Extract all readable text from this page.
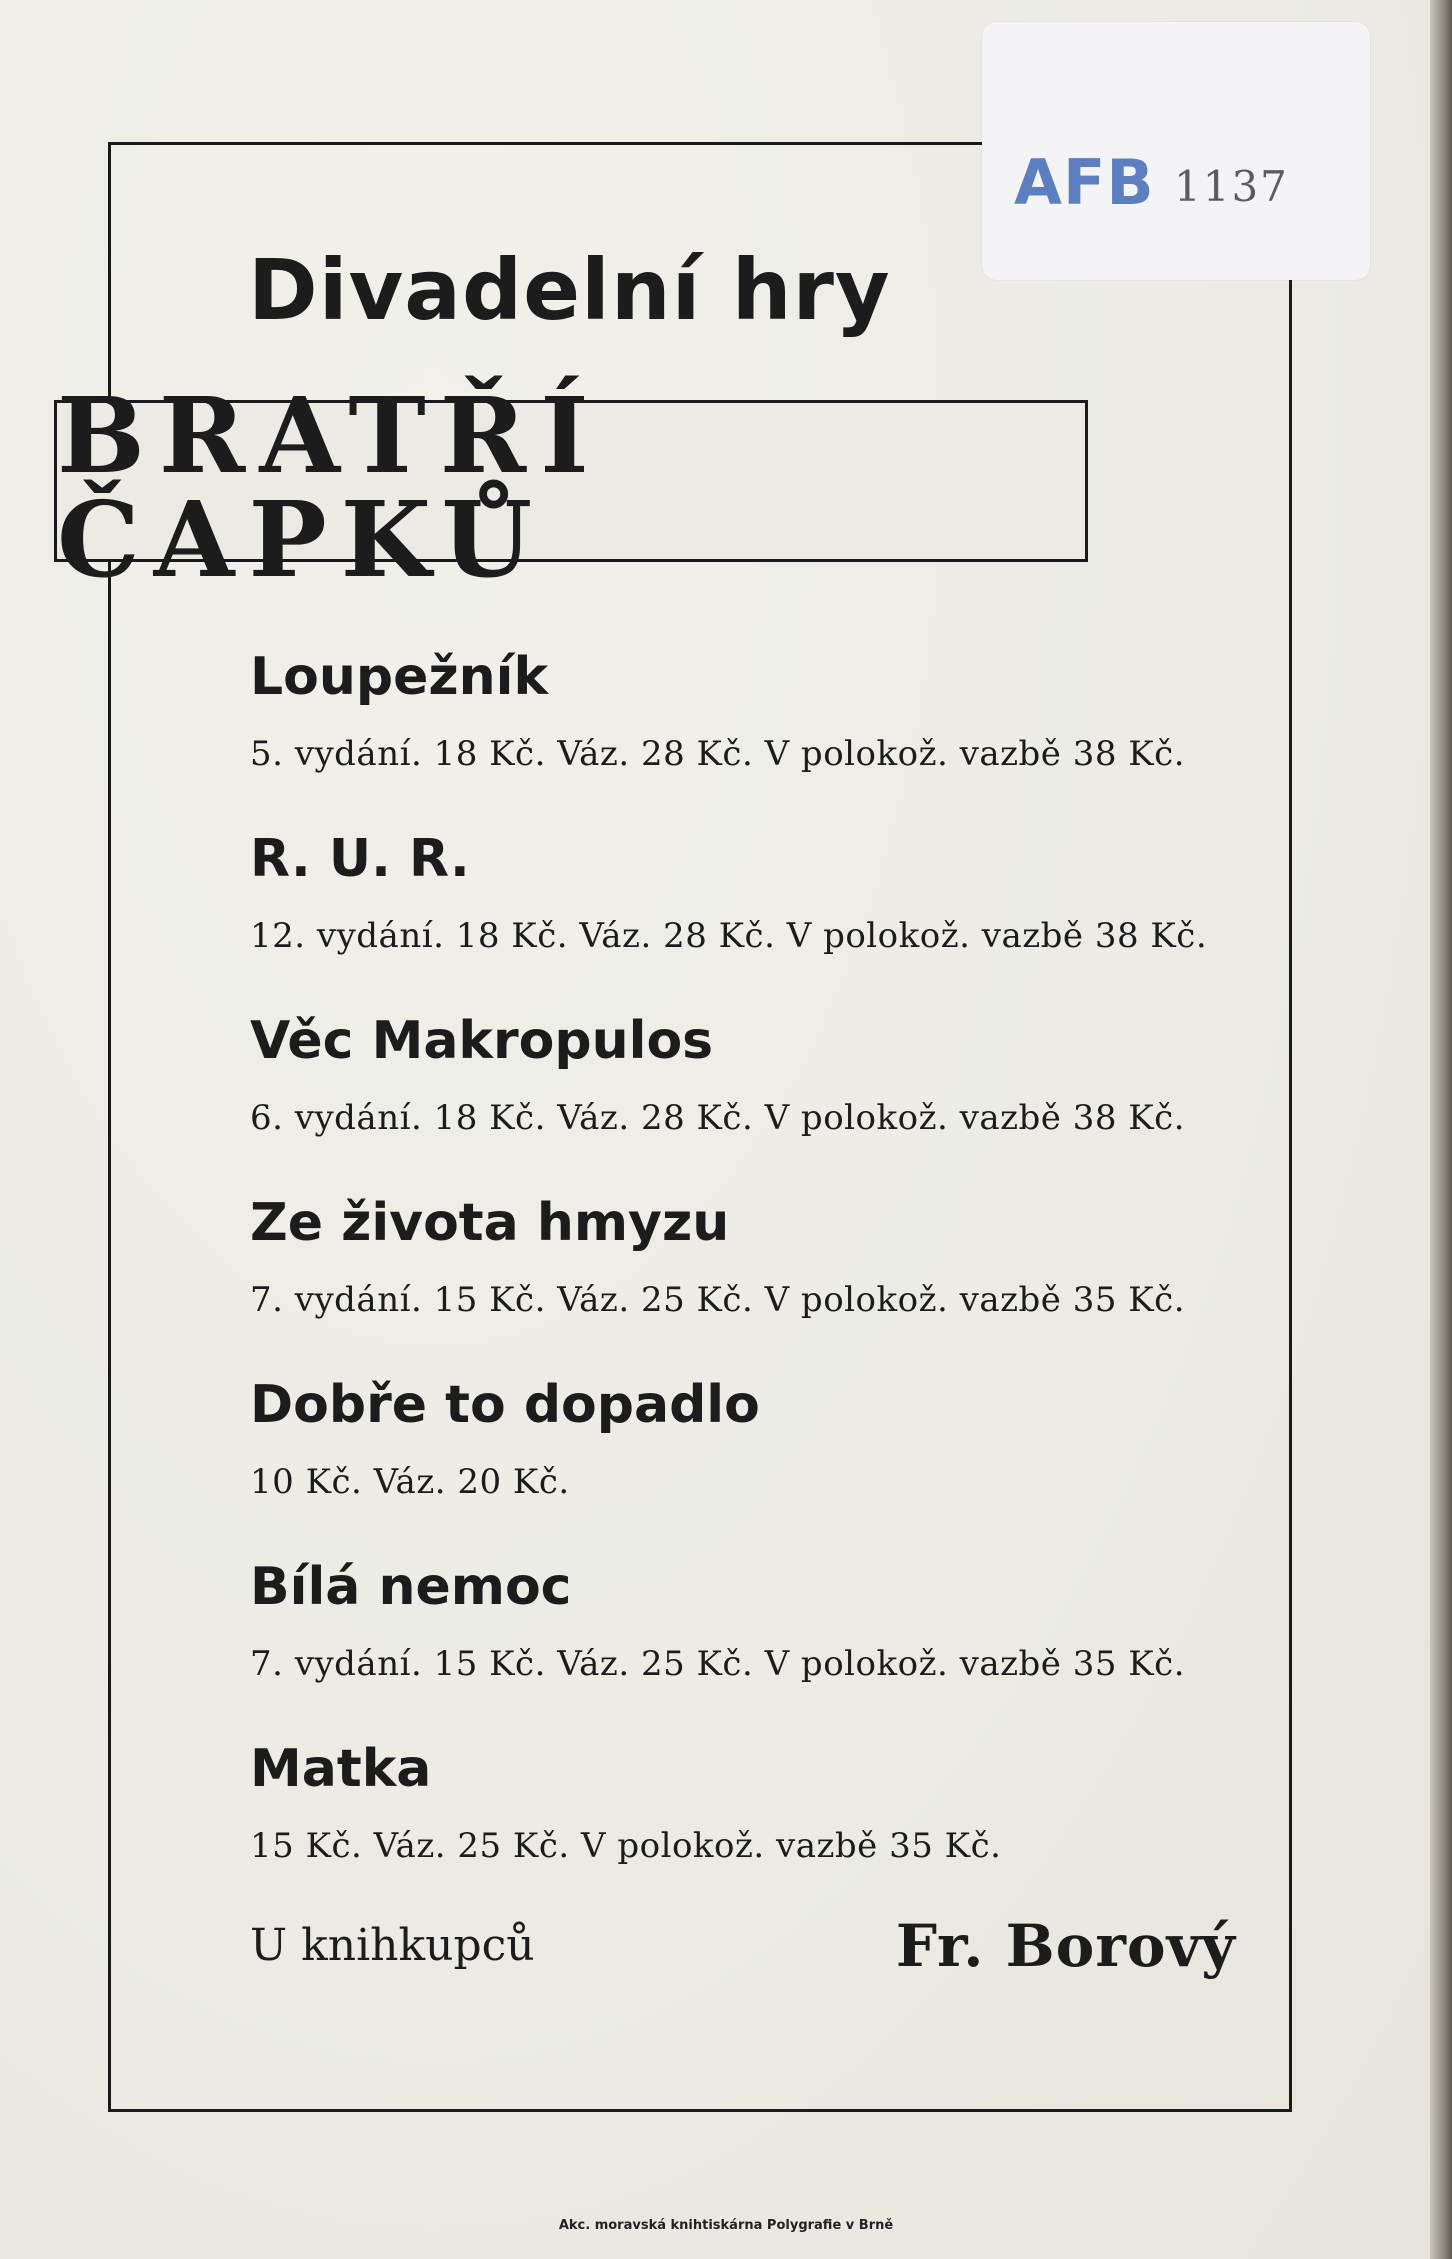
Divadelní hry
BRATŘÍ ČAPKŮ
AFB 1137
Loupežník
5. vydání. 18 Kč. Váz. 28 Kč. V polokož. vazbě 38 Kč.
R. U. R.
12. vydání. 18 Kč. Váz. 28 Kč. V polokož. vazbě 38 Kč.
Věc Makropulos
6. vydání. 18 Kč. Váz. 28 Kč. V polokož. vazbě 38 Kč.
Ze života hmyzu
7. vydání. 15 Kč. Váz. 25 Kč. V polokož. vazbě 35 Kč.
Dobře to dopadlo
10 Kč. Váz. 20 Kč.
Bílá nemoc
7. vydání. 15 Kč. Váz. 25 Kč. V polokož. vazbě 35 Kč.
Matka
15 Kč. Váz. 25 Kč. V polokož. vazbě 35 Kč.
U knihkupců	Fr. Borový
Akc. moravská knihtiskárna Polygrafie v Brně
